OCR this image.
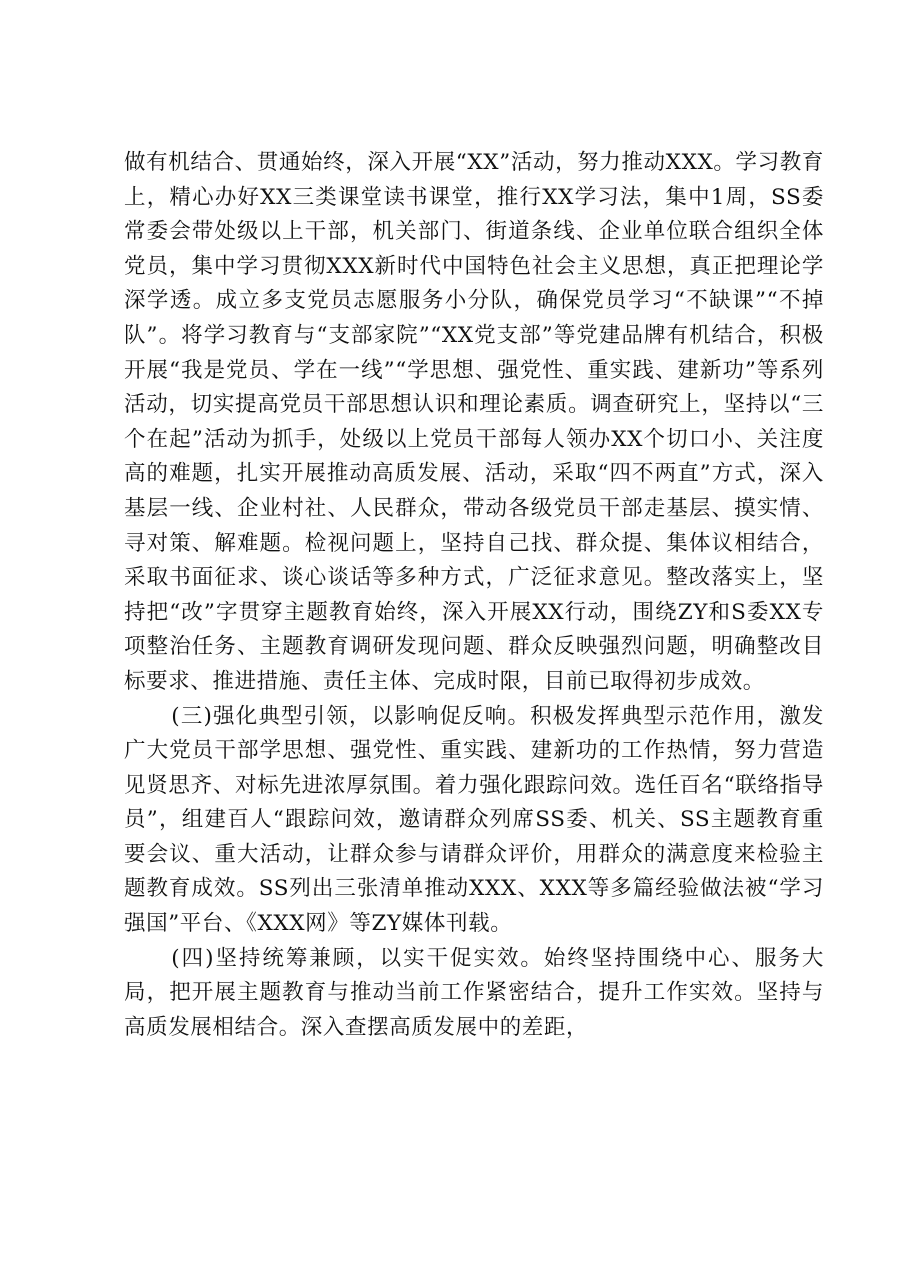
做有机结合、贯通始终，深入开展“XX”活动，努力推动XXX。学习教育上，精心办好XX三类课堂读书课堂，推行XX学习法，集中1周，SS委常委会带处级以上干部，机关部门、街道条线、企业单位联合组织全体党员，集中学习贯彻XXX新时代中国特色社会主义思想，真正把理论学深学透。成立多支党员志愿服务小分队，确保党员学习“不缺课”“不掉队”。将学习教育与“支部家院”“XX党支部”等党建品牌有机结合，积极开展“我是党员、学在一线”“学思想、强党性、重实践、建新功”等系列活动，切实提高党员干部思想认识和理论素质。调查研究上，坚持以“三个在起”活动为抓手，处级以上党员干部每人领办XX个切口小、关注度高的难题，扎实开展推动高质发展、活动，采取“四不两直”方式，深入基层一线、企业村社、人民群众，带动各级党员干部走基层、摸实情、寻对策、解难题。检视问题上，坚持自己找、群众提、集体议相结合，采取书面征求、谈心谈话等多种方式，广泛征求意见。整改落实上，坚持把“改”字贯穿主题教育始终，深入开展XX行动，围绕ZY和S委XX专项整治任务、主题教育调研发现问题、群众反映强烈问题，明确整改目标要求、推进措施、责任主体、完成时限，目前已取得初步成效。

(三)强化典型引领，以影响促反响。积极发挥典型示范作用，激发广大党员干部学思想、强党性、重实践、建新功的工作热情，努力营造见贤思齐、对标先进浓厚氛围。着力强化跟踪问效。选任百名“联络指导员”，组建百人“跟踪问效，邀请群众列席SS委、机关、SS主题教育重要会议、重大活动，让群众参与请群众评价，用群众的满意度来检验主题教育成效。SS列出三张清单推动XXX、XXX等多篇经验做法被“学习强国”平台、《XXX网》等ZY媒体刊载。

(四)坚持统筹兼顾，以实干促实效。始终坚持围绕中心、服务大局，把开展主题教育与推动当前工作紧密结合，提升工作实效。坚持与高质发展相结合。深入查摆高质发展中的差距，
